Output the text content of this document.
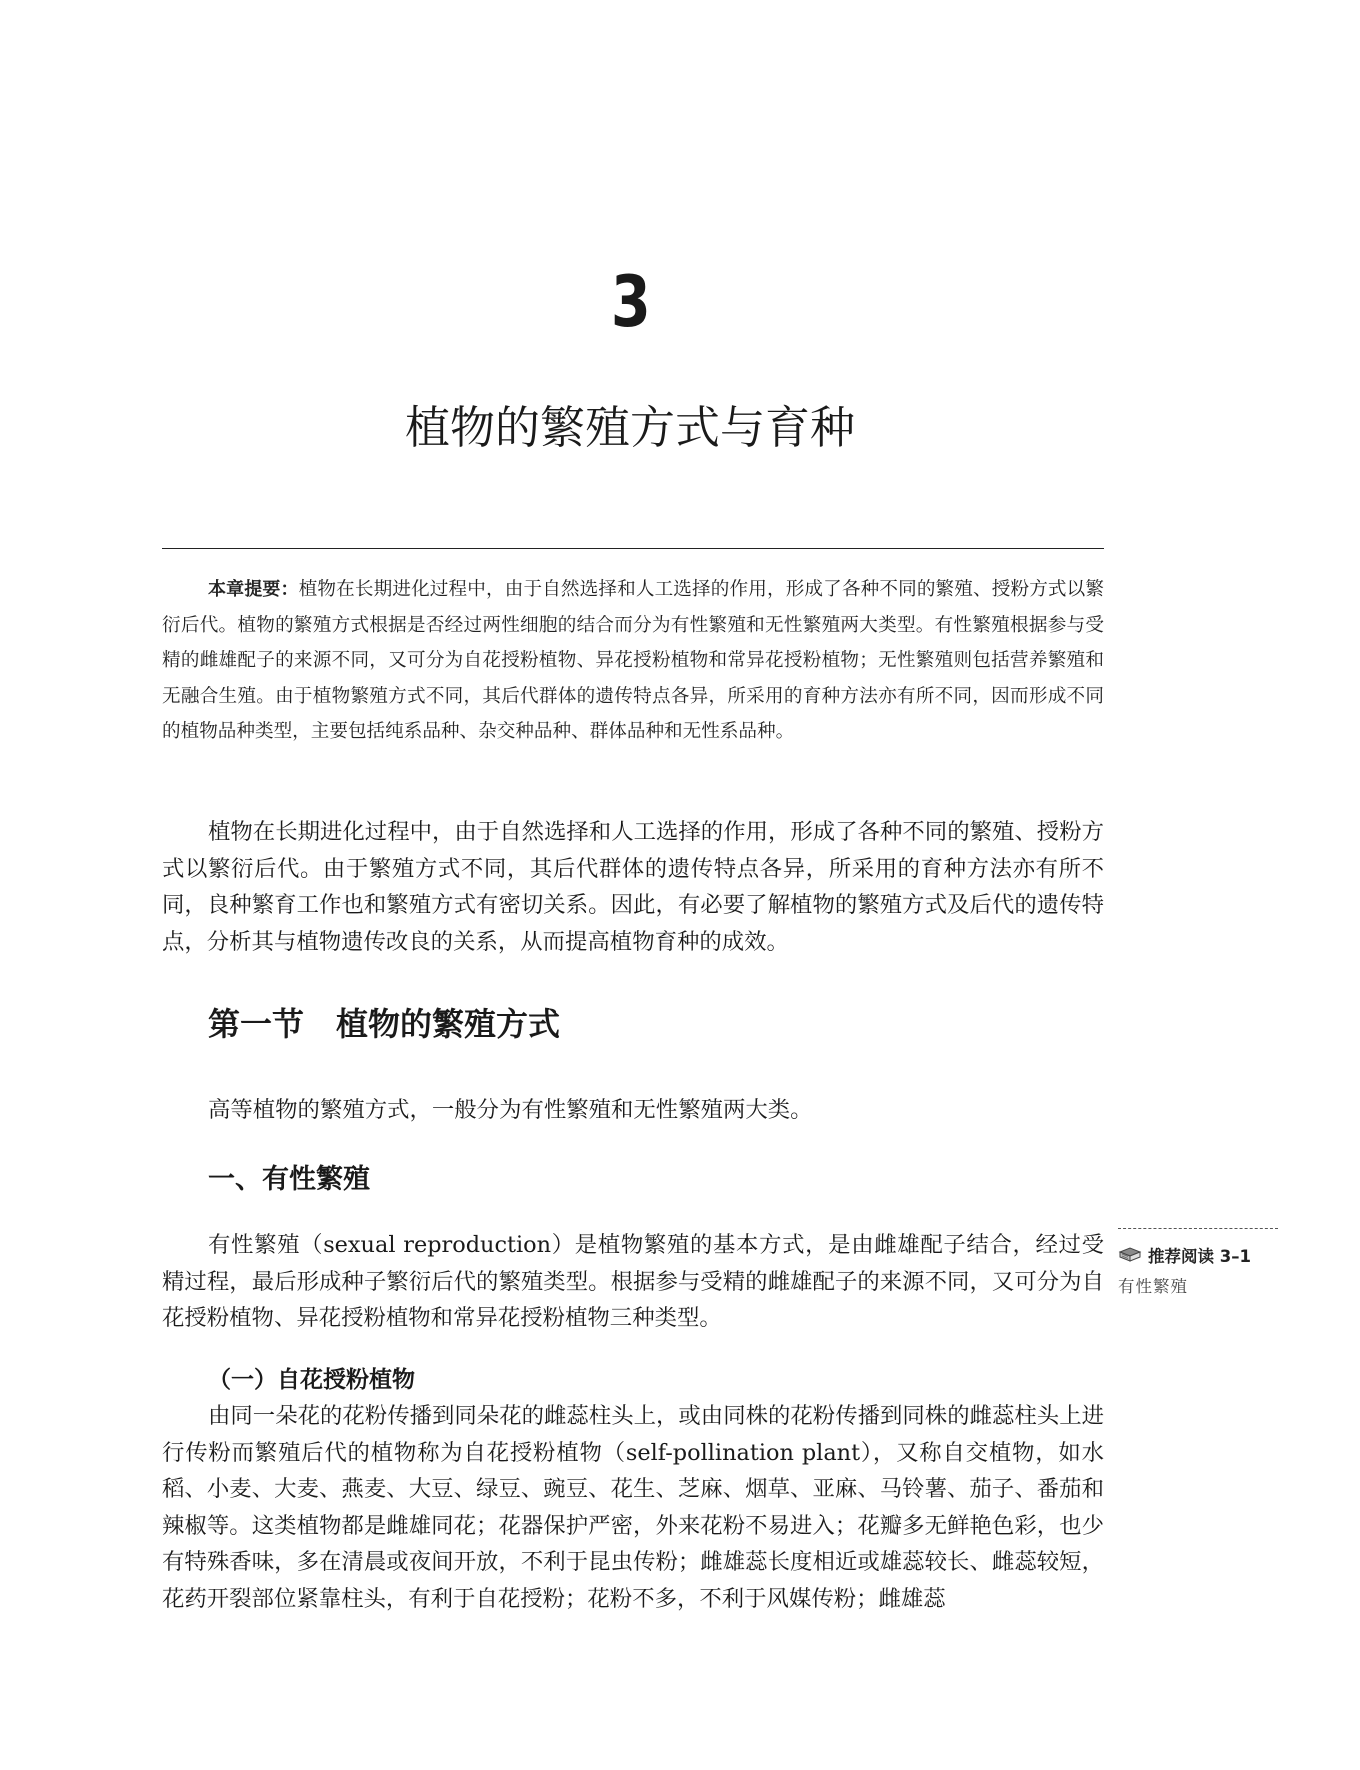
3
植物的繁殖方式与育种

本章提要：植物在长期进化过程中，由于自然选择和人工选择的作用，形成了各种不同的繁殖、授粉方式以繁衍后代。植物的繁殖方式根据是否经过两性细胞的结合而分为有性繁殖和无性繁殖两大类型。有性繁殖根据参与受精的雌雄配子的来源不同，又可分为自花授粉植物、异花授粉植物和常异花授粉植物；无性繁殖则包括营养繁殖和无融合生殖。由于植物繁殖方式不同，其后代群体的遗传特点各异，所采用的育种方法亦有所不同，因而形成不同的植物品种类型，主要包括纯系品种、杂交种品种、群体品种和无性系品种。

植物在长期进化过程中，由于自然选择和人工选择的作用，形成了各种不同的繁殖、授粉方式以繁衍后代。由于繁殖方式不同，其后代群体的遗传特点各异，所采用的育种方法亦有所不同，良种繁育工作也和繁殖方式有密切关系。因此，有必要了解植物的繁殖方式及后代的遗传特点，分析其与植物遗传改良的关系，从而提高植物育种的成效。

第一节 植物的繁殖方式

高等植物的繁殖方式，一般分为有性繁殖和无性繁殖两大类。

一、有性繁殖

有性繁殖（sexual reproduction）是植物繁殖的基本方式，是由雌雄配子结合，经过受精过程，最后形成种子繁衍后代的繁殖类型。根据参与受精的雌雄配子的来源不同，又可分为自花授粉植物、异花授粉植物和常异花授粉植物三种类型。

（一）自花授粉植物

由同一朵花的花粉传播到同朵花的雌蕊柱头上，或由同株的花粉传播到同株的雌蕊柱头上进行传粉而繁殖后代的植物称为自花授粉植物（self-pollination plant），又称自交植物，如水稻、小麦、大麦、燕麦、大豆、绿豆、豌豆、花生、芝麻、烟草、亚麻、马铃薯、茄子、番茄和辣椒等。这类植物都是雌雄同花；花器保护严密，外来花粉不易进入；花瓣多无鲜艳色彩，也少有特殊香味，多在清晨或夜间开放，不利于昆虫传粉；雌雄蕊长度相近或雄蕊较长、雌蕊较短，花药开裂部位紧靠柱头，有利于自花授粉；花粉不多，不利于风媒传粉；雌雄蕊

推荐阅读 3–1
有性繁殖
